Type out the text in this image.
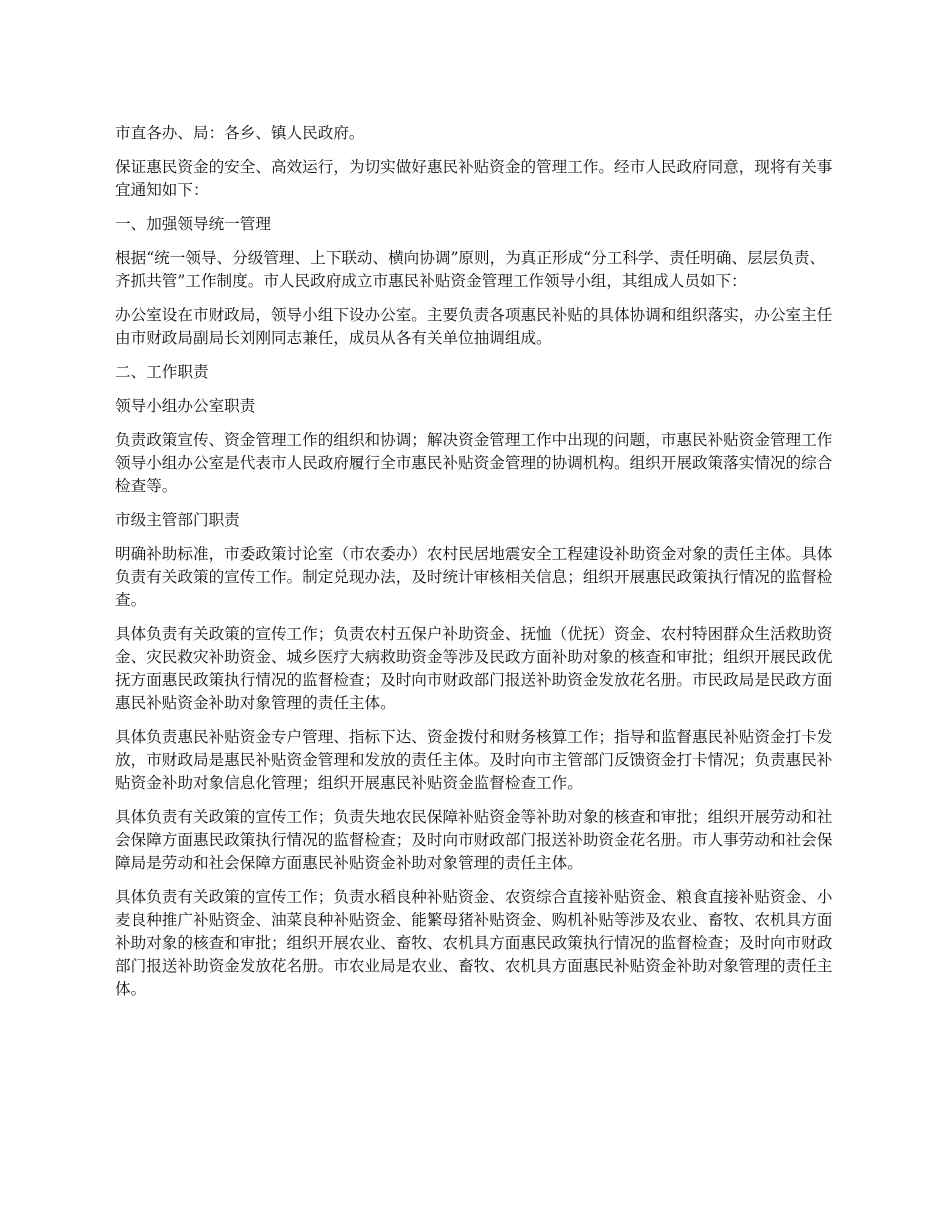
市直各办、局：各乡、镇人民政府。

保证惠民资金的安全、高效运行，为切实做好惠民补贴资金的管理工作。经市人民政府同意，现将有关事宜通知如下：

一、加强领导统一管理

根据“统一领导、分级管理、上下联动、横向协调”原则，为真正形成“分工科学、责任明确、层层负责、齐抓共管”工作制度。市人民政府成立市惠民补贴资金管理工作领导小组，其组成人员如下：

办公室设在市财政局，领导小组下设办公室。主要负责各项惠民补贴的具体协调和组织落实，办公室主任由市财政局副局长刘刚同志兼任，成员从各有关单位抽调组成。

二、工作职责

领导小组办公室职责

负责政策宣传、资金管理工作的组织和协调；解决资金管理工作中出现的问题，市惠民补贴资金管理工作领导小组办公室是代表市人民政府履行全市惠民补贴资金管理的协调机构。组织开展政策落实情况的综合检查等。

市级主管部门职责

明确补助标准，市委政策讨论室（市农委办）农村民居地震安全工程建设补助资金对象的责任主体。具体负责有关政策的宣传工作。制定兑现办法，及时统计审核相关信息；组织开展惠民政策执行情况的监督检查。

具体负责有关政策的宣传工作；负责农村五保户补助资金、抚恤（优抚）资金、农村特困群众生活救助资金、灾民救灾补助资金、城乡医疗大病救助资金等涉及民政方面补助对象的核查和审批；组织开展民政优抚方面惠民政策执行情况的监督检查；及时向市财政部门报送补助资金发放花名册。市民政局是民政方面惠民补贴资金补助对象管理的责任主体。

具体负责惠民补贴资金专户管理、指标下达、资金拨付和财务核算工作；指导和监督惠民补贴资金打卡发放，市财政局是惠民补贴资金管理和发放的责任主体。及时向市主管部门反馈资金打卡情况；负责惠民补贴资金补助对象信息化管理；组织开展惠民补贴资金监督检查工作。

具体负责有关政策的宣传工作；负责失地农民保障补贴资金等补助对象的核查和审批；组织开展劳动和社会保障方面惠民政策执行情况的监督检查；及时向市财政部门报送补助资金花名册。市人事劳动和社会保障局是劳动和社会保障方面惠民补贴资金补助对象管理的责任主体。

具体负责有关政策的宣传工作；负责水稻良种补贴资金、农资综合直接补贴资金、粮食直接补贴资金、小麦良种推广补贴资金、油菜良种补贴资金、能繁母猪补贴资金、购机补贴等涉及农业、畜牧、农机具方面补助对象的核查和审批；组织开展农业、畜牧、农机具方面惠民政策执行情况的监督检查；及时向市财政部门报送补助资金发放花名册。市农业局是农业、畜牧、农机具方面惠民补贴资金补助对象管理的责任主体。
